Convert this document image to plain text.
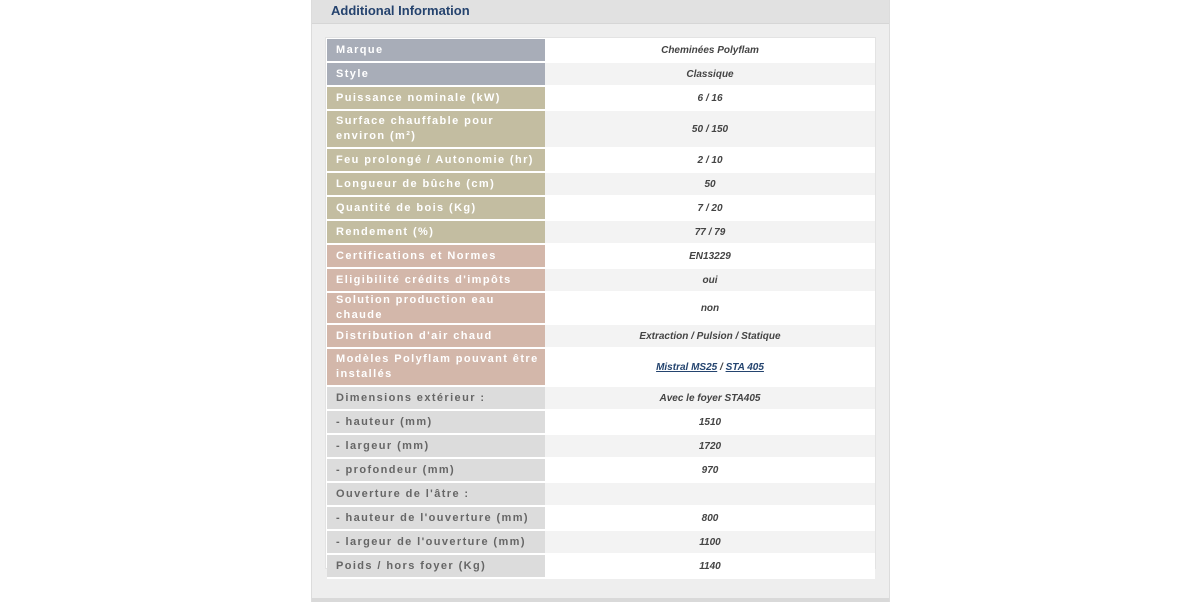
Additional Information
Marque	Cheminées Polyflam
Style	Classique
Puissance nominale (kW)	6 / 16
Surface chauffable pour environ (m²)	50 / 150
Feu prolongé / Autonomie (hr)	2 / 10
Longueur de bûche (cm)	50
Quantité de bois (Kg)	7 / 20
Rendement (%)	77 / 79
Certifications et Normes	EN13229
Eligibilité crédits d'impôts	oui
Solution production eau chaude	non
Distribution d'air chaud	Extraction / Pulsion / Statique
Modèles Polyflam pouvant être installés	Mistral MS25 / STA 405
Dimensions extérieur :	Avec le foyer STA405
- hauteur (mm)	1510
- largeur (mm)	1720
- profondeur (mm)	970
Ouverture de l'âtre :	
- hauteur de l'ouverture (mm)	800
- largeur de l'ouverture (mm)	1100
Poids / hors foyer (Kg)	1140
